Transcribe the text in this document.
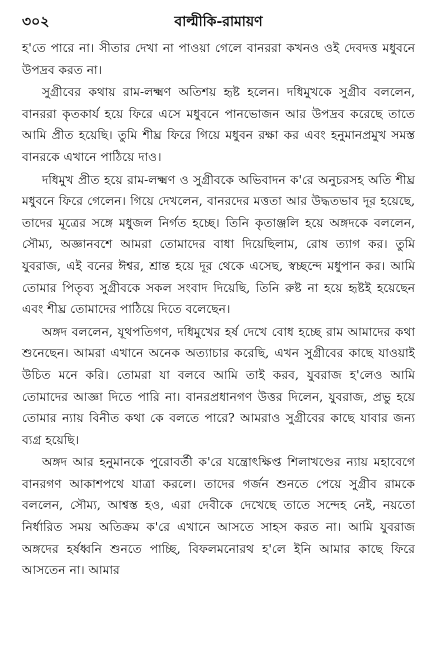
৩০২	বাল্মীকি-রামায়ণ

হ'তে পারে না। সীতার দেখা না পাওয়া গেলে বানররা কখনও ওই দেবদত্ত মধুবনে উপদ্রব করত না।

সুগ্রীবের কথায় রাম-লক্ষ্মণ অতিশয় হৃষ্ট হলেন। দধিমুখকে সুগ্রীব বললেন, বানররা কৃতকার্য হয়ে ফিরে এসে মধুবনে পানভোজন আর উপদ্রব করেছে তাতে আমি প্রীত হয়েছি। তুমি শীঘ্র ফিরে গিয়ে মধুবন রক্ষা কর এবং হনুমানপ্রমুখ সমস্ত বানরকে এখানে পাঠিয়ে দাও।

দধিমুখ প্রীত হয়ে রাম-লক্ষ্মণ ও সুগ্রীবকে অভিবাদন ক'রে অনুচরসহ অতি শীঘ্র মধুবনে ফিরে গেলেন। গিয়ে দেখলেন, বানরদের মত্ততা আর উদ্ধতভাব দূর হয়েছে, তাদের মূত্রের সঙ্গে মধুজল নির্গত হচ্ছে। তিনি কৃতাঞ্জলি হয়ে অঙ্গদকে বললেন, সৌম্য, অজ্ঞানবশে আমরা তোমাদের বাধা দিয়েছিলাম, রোষ ত্যাগ কর। তুমি যুবরাজ, এই বনের ঈশ্বর, শ্রান্ত হয়ে দূর থেকে এসেছ, স্বচ্ছন্দে মধুপান কর। আমি তোমার পিতৃব্য সুগ্রীবকে সকল সংবাদ দিয়েছি, তিনি রুষ্ট না হয়ে হৃষ্টই হয়েছেন এবং শীঘ্র তোমাদের পাঠিয়ে দিতে বলেছেন।

অঙ্গদ বললেন, যূথপতিগণ, দধিমুখের হর্ষ দেখে বোধ হচ্ছে রাম আমাদের কথা শুনেছেন। আমরা এখানে অনেক অত্যাচার করেছি, এখন সুগ্রীবের কাছে যাওয়াই উচিত মনে করি। তোমরা যা বলবে আমি তাই করব, যুবরাজ হ'লেও আমি তোমাদের আজ্ঞা দিতে পারি না। বানরপ্রধানগণ উত্তর দিলেন, যুবরাজ, প্রভু হয়ে তোমার ন্যায় বিনীত কথা কে বলতে পারে? আমরাও সুগ্রীবের কাছে যাবার জন্য ব্যগ্র হয়েছি।

অঙ্গদ আর হনুমানকে পুরোবর্তী ক'রে যন্ত্রোৎক্ষিপ্ত শিলাখণ্ডের ন্যায় মহাবেগে বানরগণ আকাশপথে যাত্রা করলে। তাদের গর্জন শুনতে পেয়ে সুগ্রীব রামকে বললেন, সৌম্য, আশ্বস্ত হও, এরা দেবীকে দেখেছে তাতে সন্দেহ নেই, নয়তো নির্ধারিত সময় অতিক্রম ক'রে এখানে আসতে সাহস করত না। আমি যুবরাজ অঙ্গদের হর্ষধ্বনি শুনতে পাচ্ছি, বিফলমনোরথ হ'লে ইনি আমার কাছে ফিরে আসতেন না। আমার
